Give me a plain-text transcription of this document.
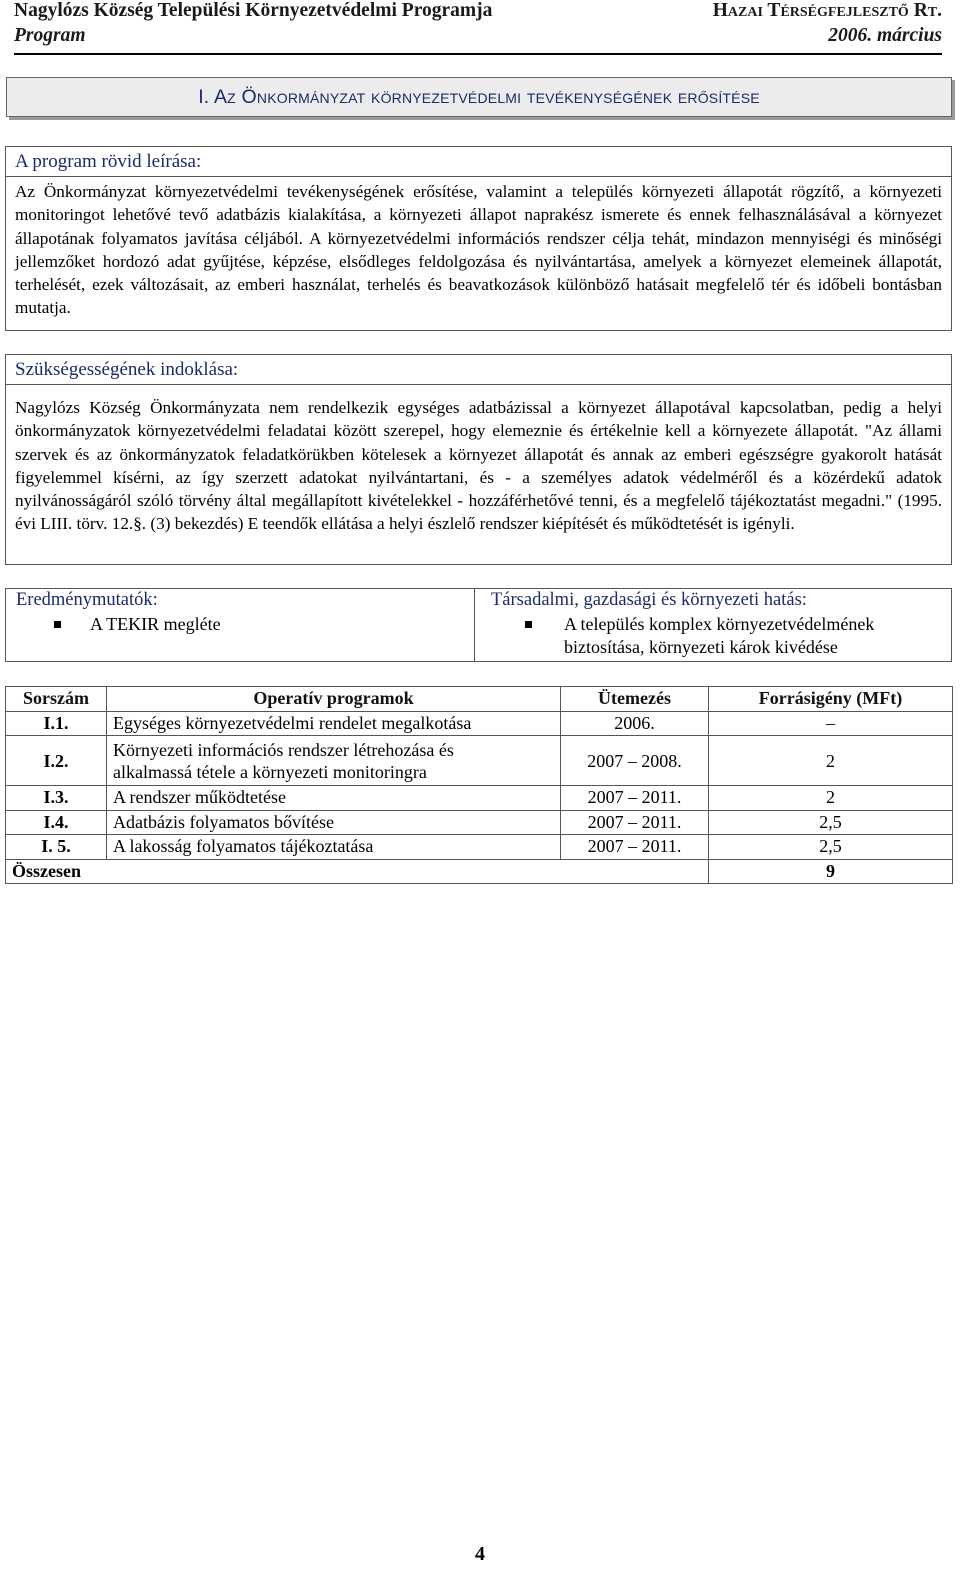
Nagylózs Község Települési Környezetvédelmi Programja	Hazai Térségfejlesztő Rt.
Program	2006. március
I. Az Önkormányzat környezetvédelmi tevékenységének erősítése
A program rövid leírása:
Az Önkormányzat környezetvédelmi tevékenységének erősítése, valamint a település környezeti állapotát rögzítő, a környezeti monitoringot lehetővé tevő adatbázis kialakítása, a környezeti állapot naprakész ismerete és ennek felhasználásával a környezet állapotának folyamatos javítása céljából. A környezetvédelmi információs rendszer célja tehát, mindazon mennyiségi és minőségi jellemzőket hordozó adat gyűjtése, képzése, elsődleges feldolgozása és nyilvántartása, amelyek a környezet elemeinek állapotát, terhelését, ezek változásait, az emberi használat, terhelés és beavatkozások különböző hatásait megfelelő tér és időbeli bontásban mutatja.
Szükségességének indoklása:
Nagylózs Község Önkormányzata nem rendelkezik egységes adatbázissal a környezet állapotával kapcsolatban, pedig a helyi önkormányzatok környezetvédelmi feladatai között szerepel, hogy elemeznie és értékelnie kell a környezete állapotát. "Az állami szervek és az önkormányzatok feladatkörükben kötelesek a környezet állapotát és annak az emberi egészségre gyakorolt hatását figyelemmel kísérni, az így szerzett adatokat nyilvántartani, és - a személyes adatok védelméről és a közérdekű adatok nyilvánosságáról szóló törvény által megállapított kivételekkel - hozzáférhetővé tenni, és a megfelelő tájékoztatást megadni." (1995. évi LIII. törv. 12.§. (3) bekezdés) E teendők ellátása a helyi észlelő rendszer kiépítését és működtetését is igényli.
Eredménymutatók:
A TEKIR megléte
Társadalmi, gazdasági és környezeti hatás:
A település komplex környezetvédelmének
biztosítása, környezeti károk kivédése
Sorszám	Operatív programok	Ütemezés	Forrásigény (MFt)
I.1.	Egységes környezetvédelmi rendelet megalkotása	2006.	–
I.2.	Környezeti információs rendszer létrehozása és
alkalmassá tétele a környezeti monitoringra	2007 – 2008.	2
I.3.	A rendszer működtetése	2007 – 2011.	2
I.4.	Adatbázis folyamatos bővítése	2007 – 2011.	2,5
I. 5.	A lakosság folyamatos tájékoztatása	2007 – 2011.	2,5
Összesen			9
4
